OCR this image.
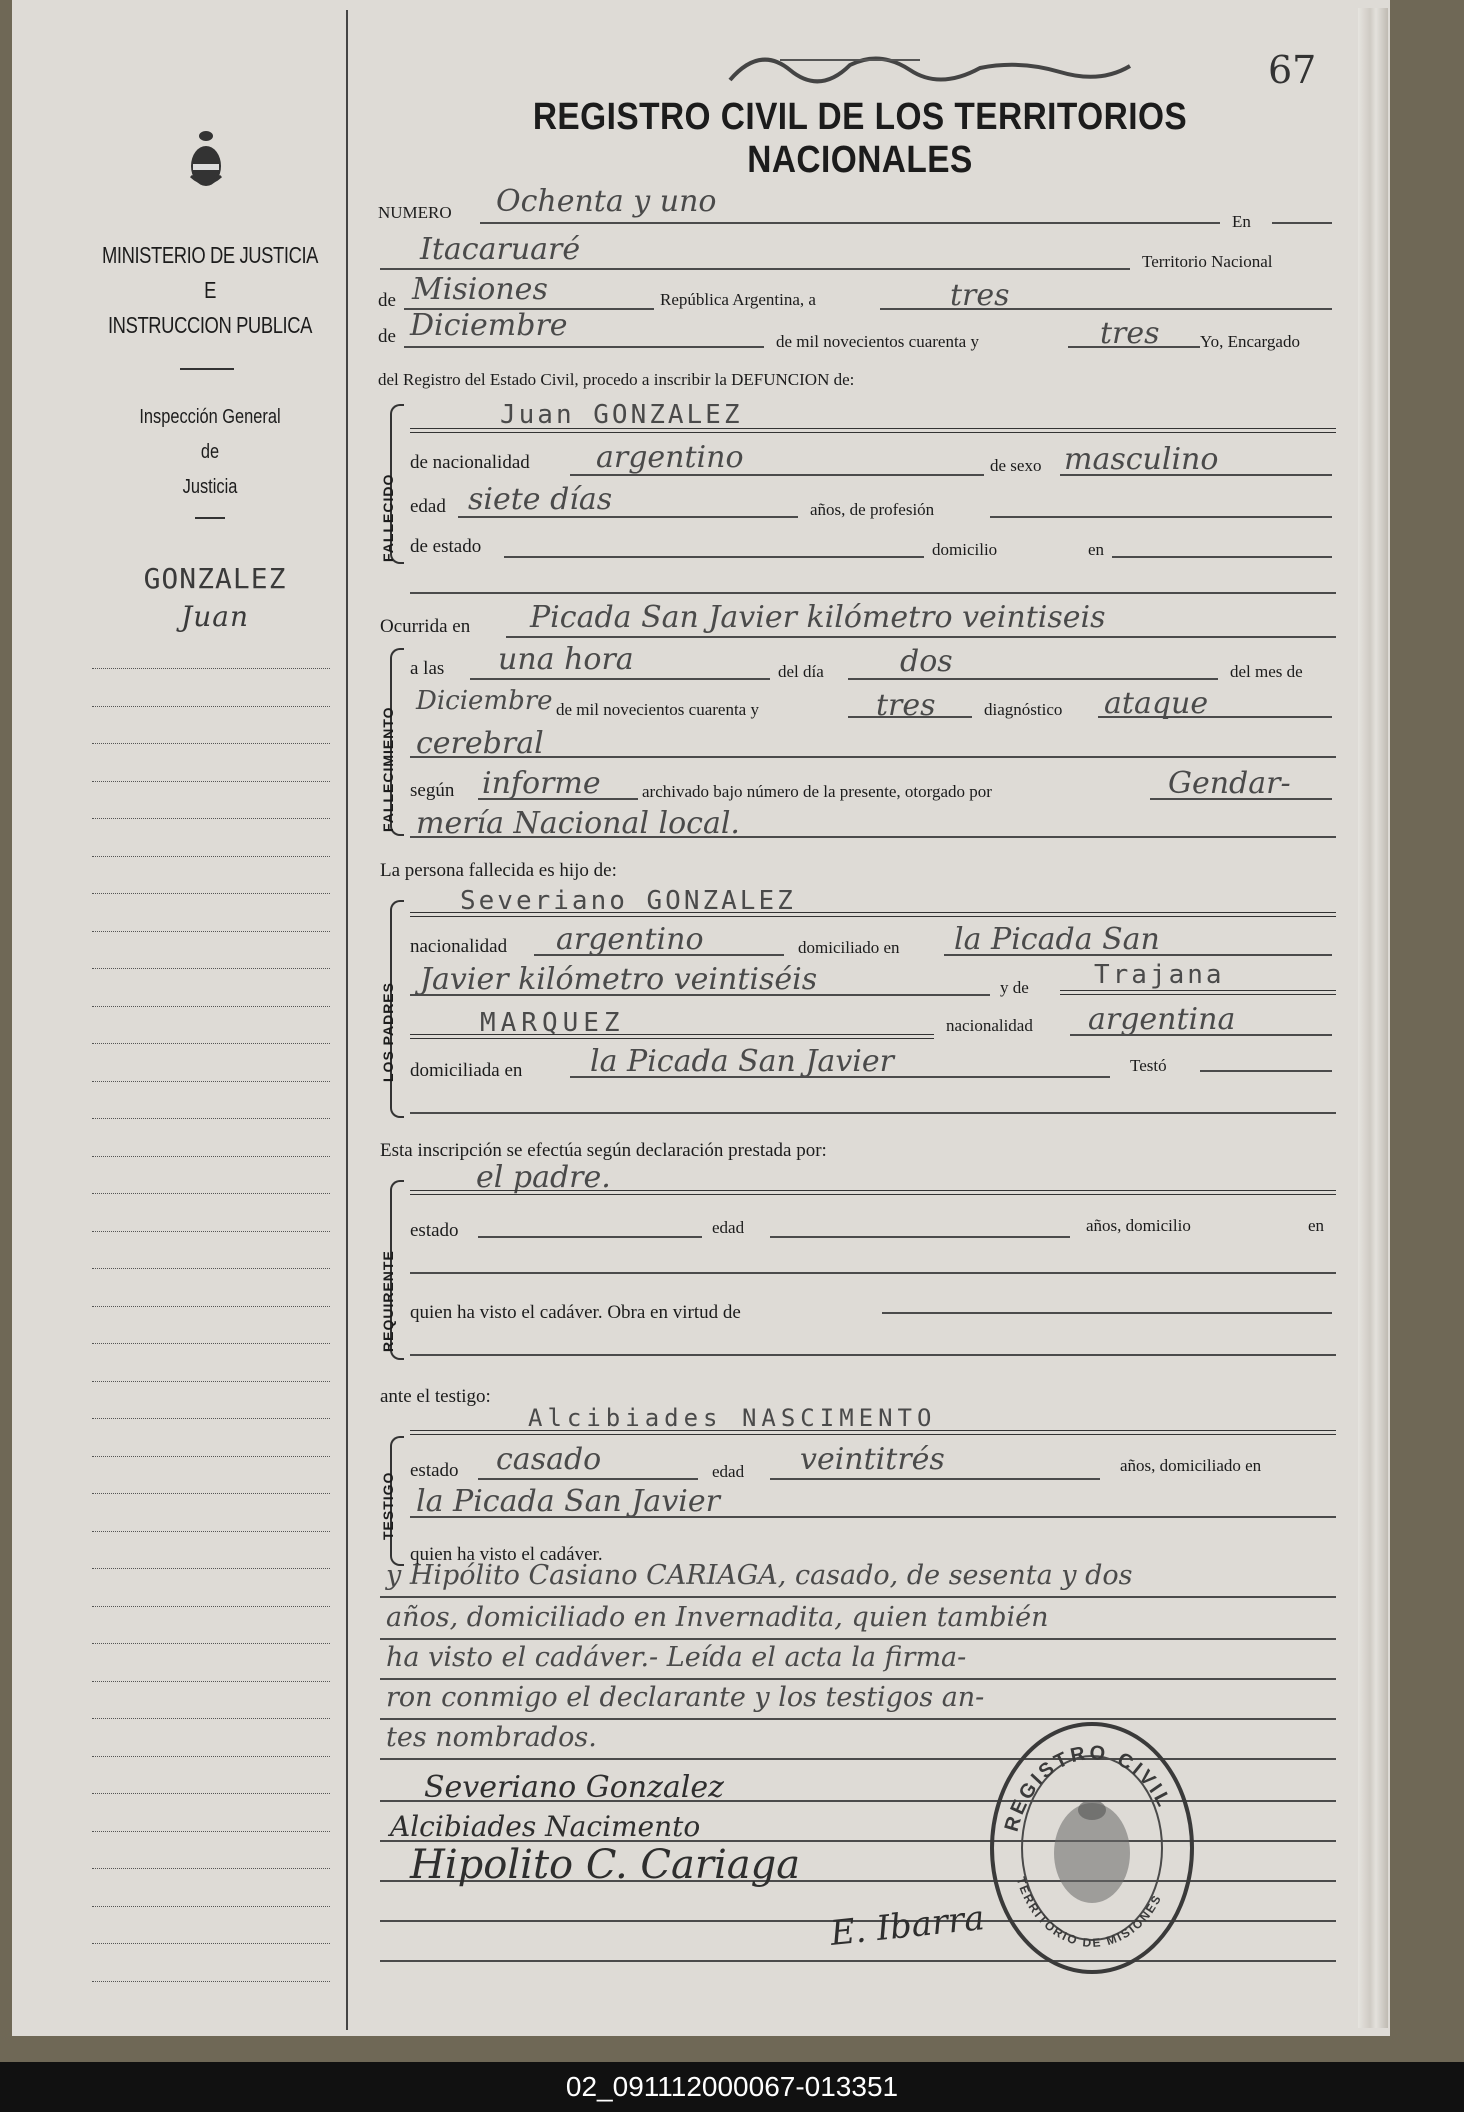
MINISTERIO DE JUSTICIA
E
INSTRUCCION PUBLICA
Inspección General
de
Justicia
GONZALEZ
Juan
67
REGISTRO CIVIL DE LOS TERRITORIOS NACIONALES
NUMERO Ochenta y uno
En
Itacaruaré	Territorio Nacional
de Misiones	República Argentina, a	tres
de Diciembre	de mil novecientos cuarenta y	tres Yo, Encargado
del Registro del Estado Civil, procedo a inscribir la DEFUNCION de:
FALLECIDO
Juan GONZALEZ
de nacionalidad argentino	de sexo masculino
edad siete días	años, de profesión
de estado	domicilio	en
Ocurrida en Picada San Javier kilómetro veintiseis
FALLECIMIENTO
a las una hora	del día	dos	del mes de
Diciembre de mil novecientos cuarenta y	tres	diagnóstico ataque
cerebral
según informe archivado bajo número de la presente, otorgado por	Gendar-
mería Nacional local.
La persona fallecida es hijo de:
Severiano GONZALEZ
LOS PADRES
nacionalidad argentino	domiciliado en la Picada San
Javier kilómetro veintiséis	y de	Trajana
MARQUEZ	nacionalidad argentina
domiciliada en la Picada San Javier	Testó
Esta inscripción se efectúa según declaración prestada por:
el padre.
REQUIRENTE
estado	edad	años, domicilio	en
quien ha visto el cadáver. Obra en virtud de
ante el testigo:
Alcibiades NASCIMENTO
TESTIGO
estado casado	edad veintitrés	años, domiciliado en
la Picada San Javier
quien ha visto el cadáver.
y Hipólito Casiano CARIAGA, casado, de sesenta y dos
años, domiciliado en Invernadita, quien también
ha visto el cadáver.- Leída el acta la firma-
ron conmigo el declarante y los testigos an-
tes nombrados.
Severiano Gonzalez
Alcibiades Nacimento
Hipolito C. Cariaga
E. Ibarra
REGISTRO CIVIL
TERRITORIO DE MISIONES
02_091112000067-013351
